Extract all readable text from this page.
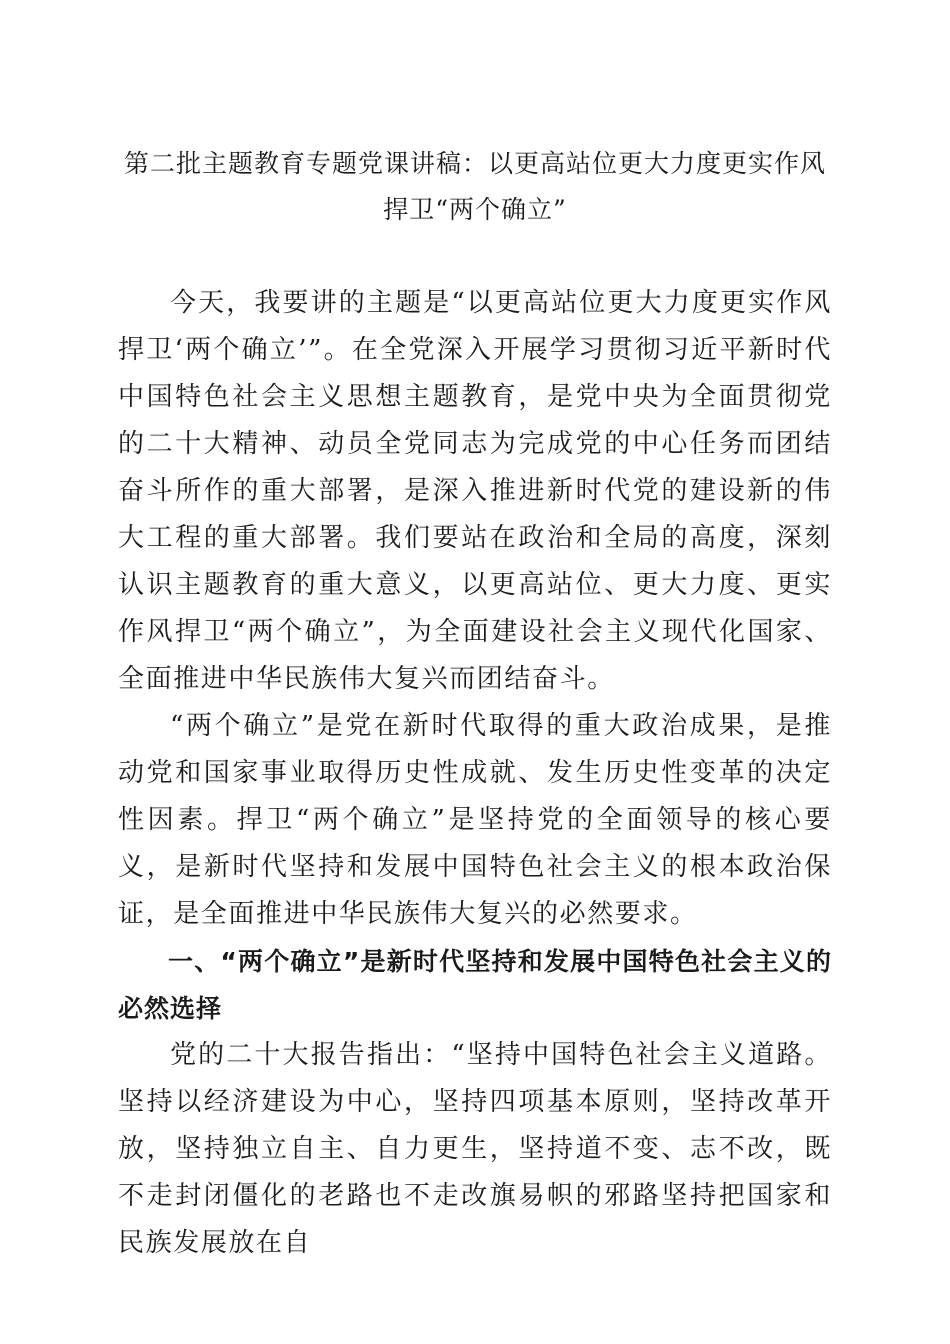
第二批主题教育专题党课讲稿：以更高站位更大力度更实作风
捍卫“两个确立”

今天，我要讲的主题是“以更高站位更大力度更实作风捍卫‘两个确立’”。在全党深入开展学习贯彻习近平新时代中国特色社会主义思想主题教育，是党中央为全面贯彻党的二十大精神、动员全党同志为完成党的中心任务而团结奋斗所作的重大部署，是深入推进新时代党的建设新的伟大工程的重大部署。我们要站在政治和全局的高度，深刻认识主题教育的重大意义，以更高站位、更大力度、更实作风捍卫“两个确立”，为全面建设社会主义现代化国家、全面推进中华民族伟大复兴而团结奋斗。

“两个确立”是党在新时代取得的重大政治成果，是推动党和国家事业取得历史性成就、发生历史性变革的决定性因素。捍卫“两个确立”是坚持党的全面领导的核心要义，是新时代坚持和发展中国特色社会主义的根本政治保证，是全面推进中华民族伟大复兴的必然要求。

一、“两个确立”是新时代坚持和发展中国特色社会主义的必然选择

党的二十大报告指出：“坚持中国特色社会主义道路。坚持以经济建设为中心，坚持四项基本原则，坚持改革开放，坚持独立自主、自力更生，坚持道不变、志不改，既不走封闭僵化的老路也不走改旗易帜的邪路坚持把国家和民族发展放在自
